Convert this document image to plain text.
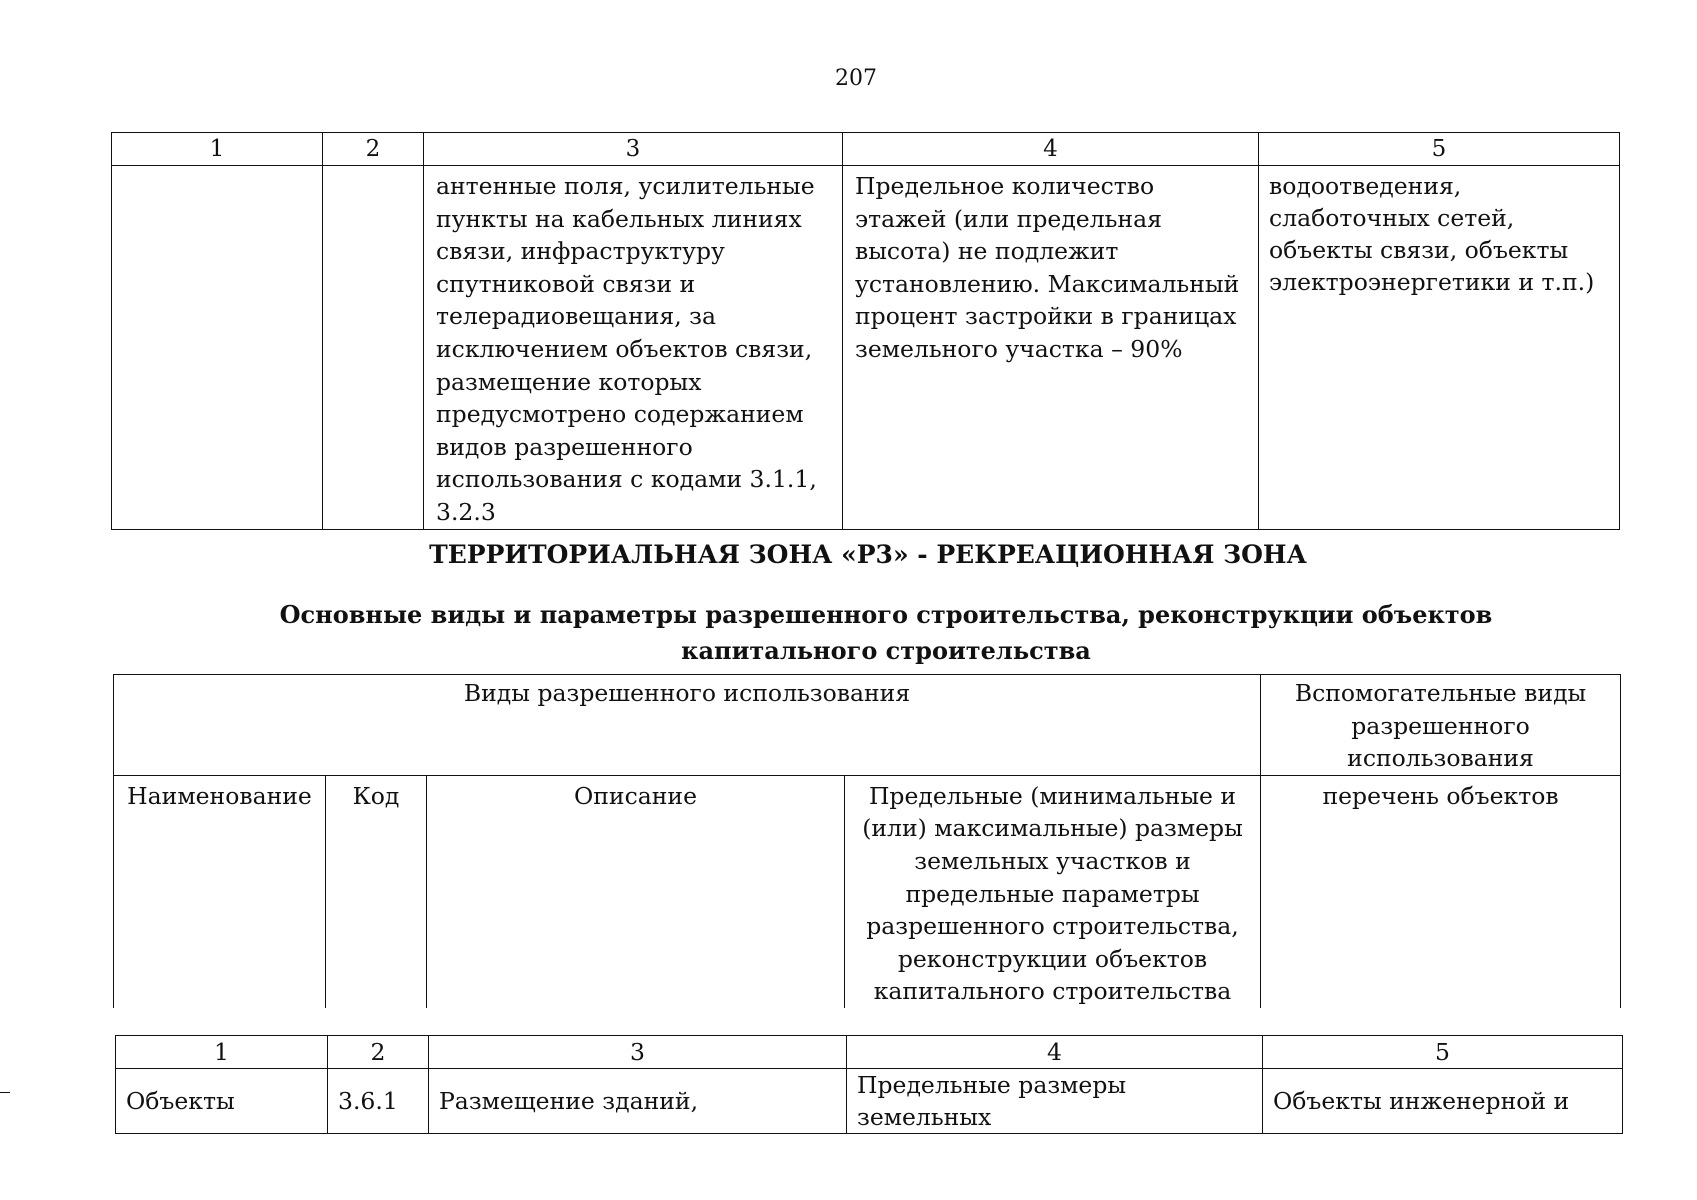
207
1	2	3	4	5
		антенные поля, усилительные пункты на кабельных линиях связи, инфраструктуру спутниковой связи и телерадиовещания, за исключением объектов связи, размещение которых предусмотрено содержанием видов разрешенного использования с кодами 3.1.1, 3.2.3	Предельное количество этажей (или предельная высота) не подлежит установлению. Максимальный процент застройки в границах земельного участка – 90%	водоотведения, слаботочных сетей, объекты связи, объекты электроэнергетики и т.п.)
ТЕРРИТОРИАЛЬНАЯ ЗОНА «Р3» - РЕКРЕАЦИОННАЯ ЗОНА
Основные виды и параметры разрешенного строительства, реконструкции объектов капитального строительства
Виды разрешенного использования				Вспомогательные виды разрешенного использования
Наименование	Код	Описание	Предельные (минимальные и (или) максимальные) размеры земельных участков и предельные параметры разрешенного строительства, реконструкции объектов капитального строительства	перечень объектов
1	2	3	4	5
Объекты	3.6.1	Размещение зданий,	Предельные размеры земельных	Объекты инженерной и
